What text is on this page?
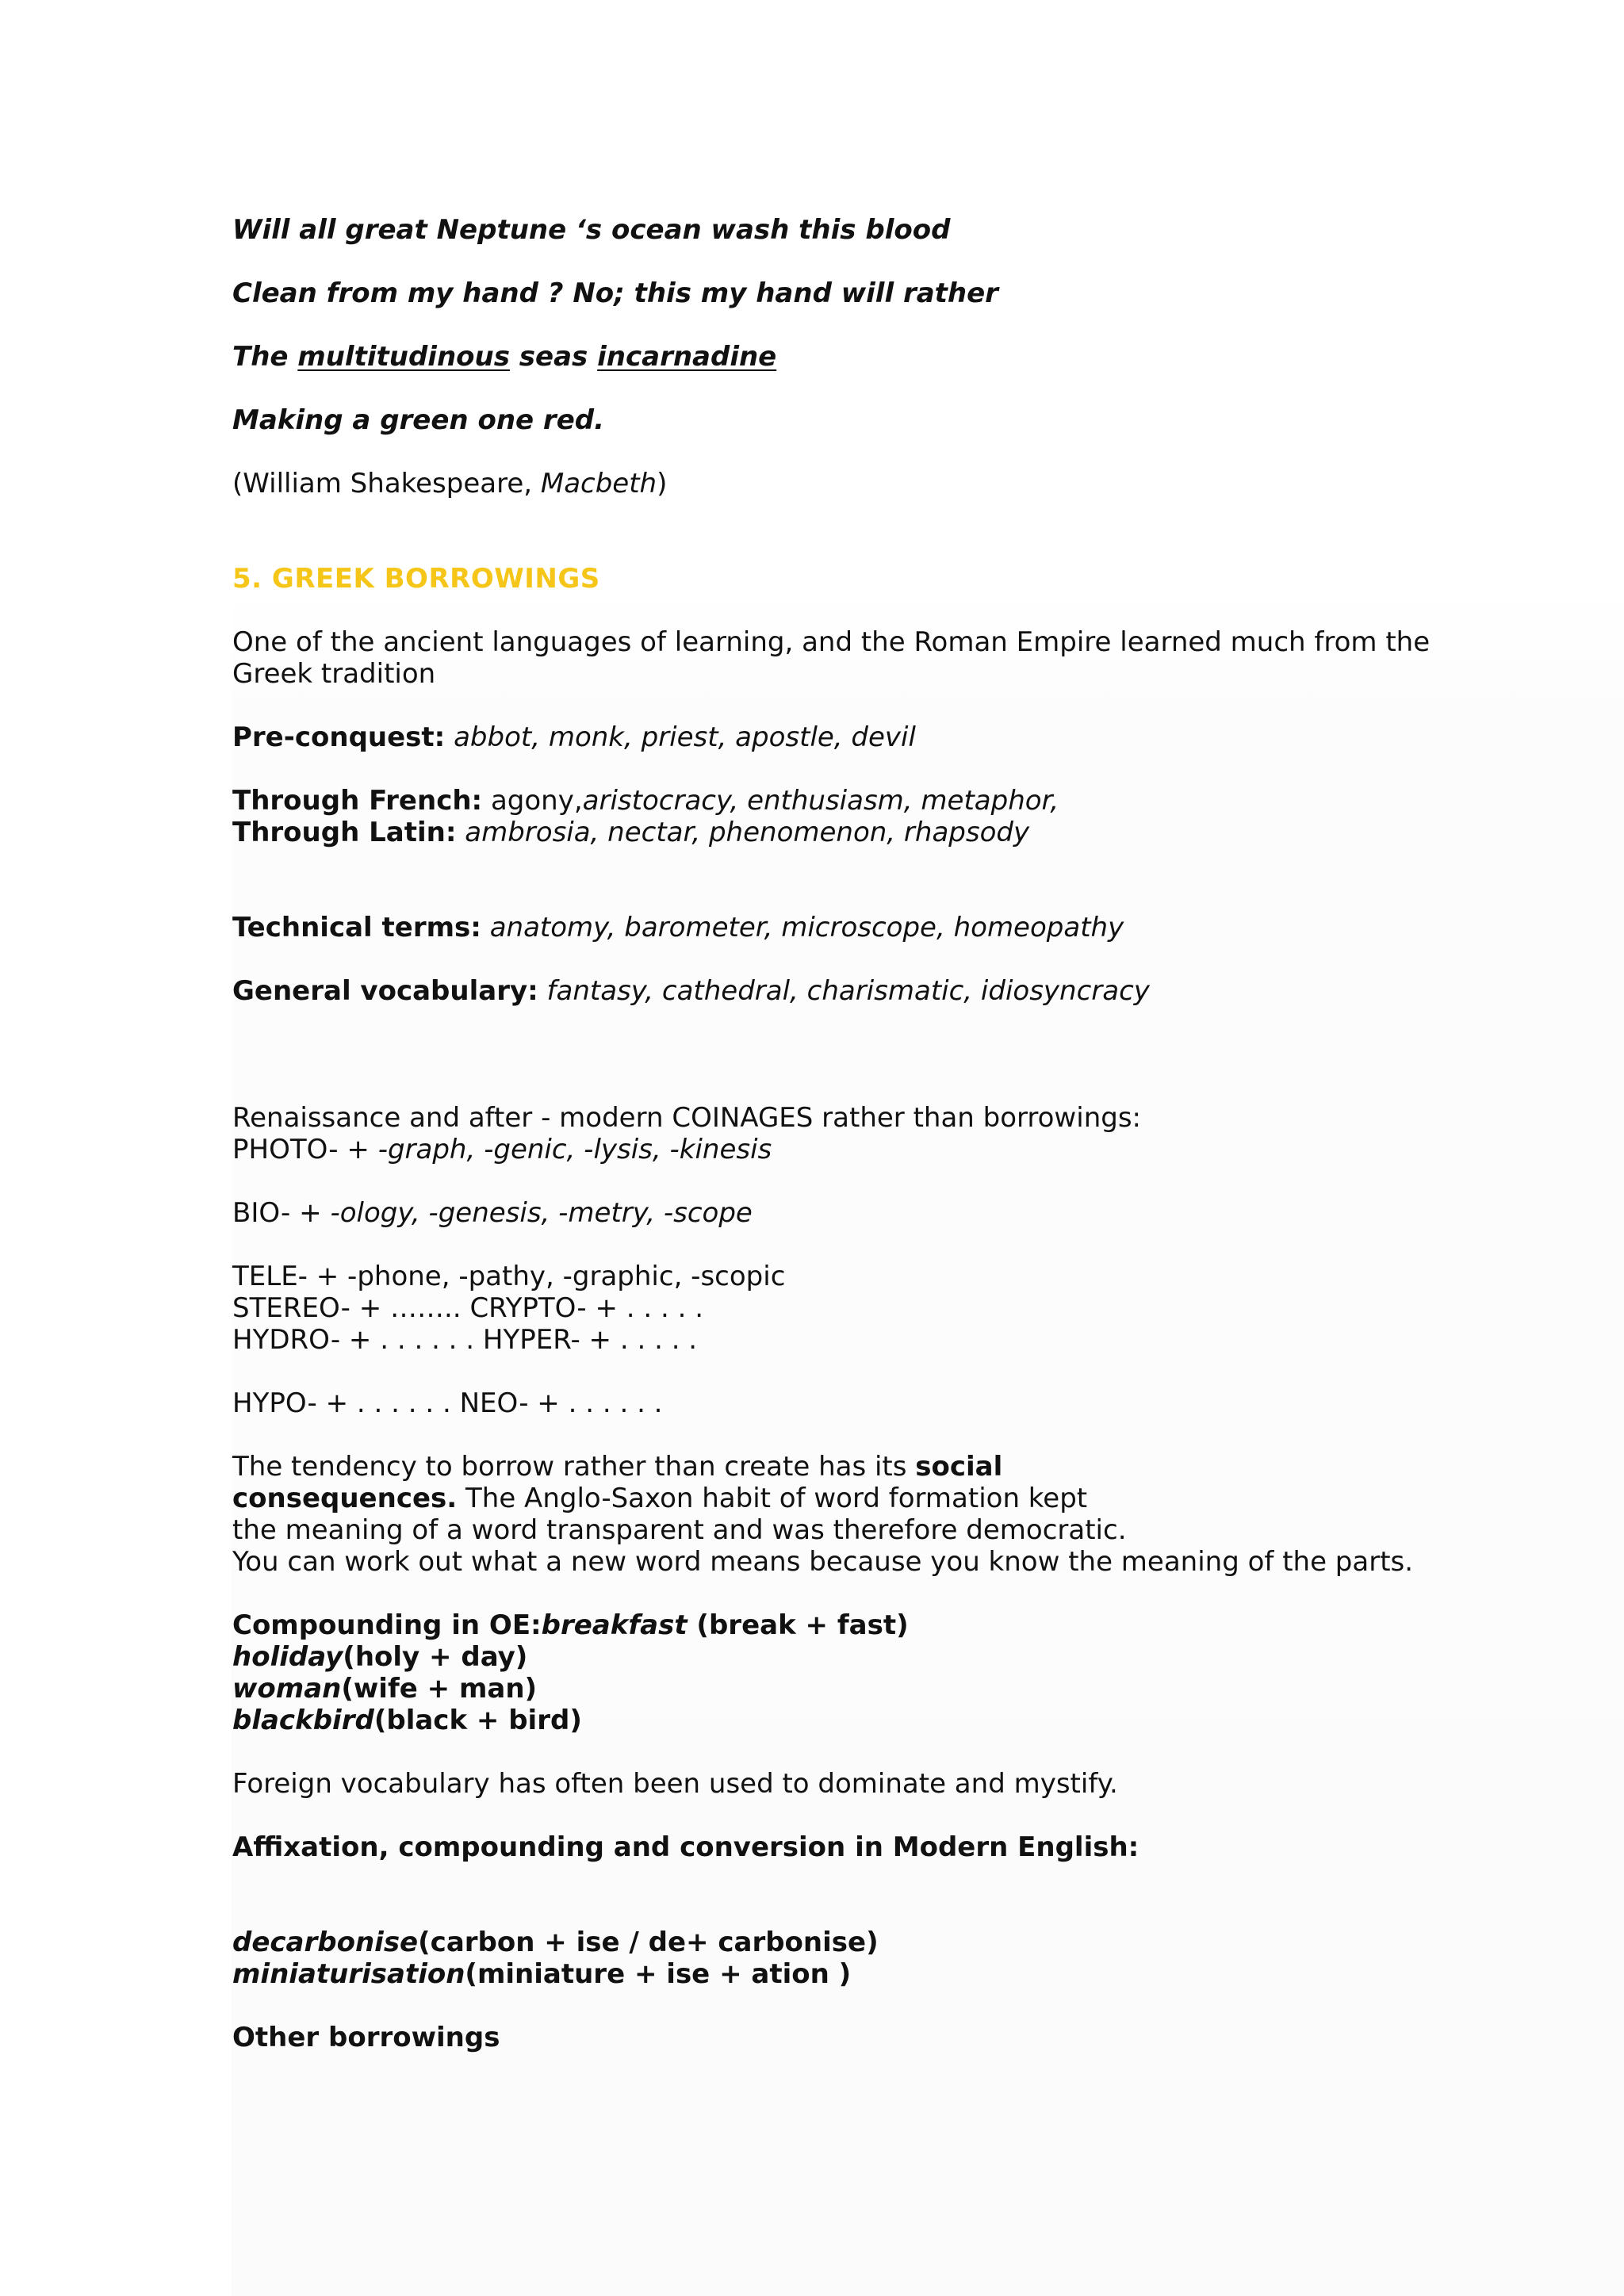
Will all great Neptune ‘s ocean wash this blood

Clean from my hand ? No; this my hand will rather

The multitudinous seas incarnadine

Making a green one red.

(William Shakespeare, Macbeth)

5. GREEK BORROWINGS

One of the ancient languages of learning, and the Roman Empire learned much from the

Greek tradition

Pre-conquest: abbot, monk, priest, apostle, devil

Through French: agony,aristocracy, enthusiasm, metaphor,

Through Latin: ambrosia, nectar, phenomenon, rhapsody

Technical terms: anatomy, barometer, microscope, homeopathy

General vocabulary: fantasy, cathedral, charismatic, idiosyncracy

Renaissance and after - modern COINAGES rather than borrowings:

PHOTO- + -graph, -genic, -lysis, -kinesis

BIO- + -ology, -genesis, -metry, -scope

TELE- + -phone, -pathy, -graphic, -scopic

STEREO- + …….. CRYPTO- + . . . . .

HYDRO- + . . . . . . HYPER- + . . . . .

HYPO- + . . . . . . NEO- + . . . . . .

The tendency to borrow rather than create has its social

consequences. The Anglo-Saxon habit of word formation kept

the meaning of a word transparent and was therefore democratic.

You can work out what a new word means because you know the meaning of the parts.

Compounding in OE:breakfast (break + fast)

holiday(holy + day)

woman(wife + man)

blackbird(black + bird)

Foreign vocabulary has often been used to dominate and mystify.

Affixation, compounding and conversion in Modern English:

decarbonise(carbon + ise / de+ carbonise)

miniaturisation(miniature + ise + ation )

Other borrowings
